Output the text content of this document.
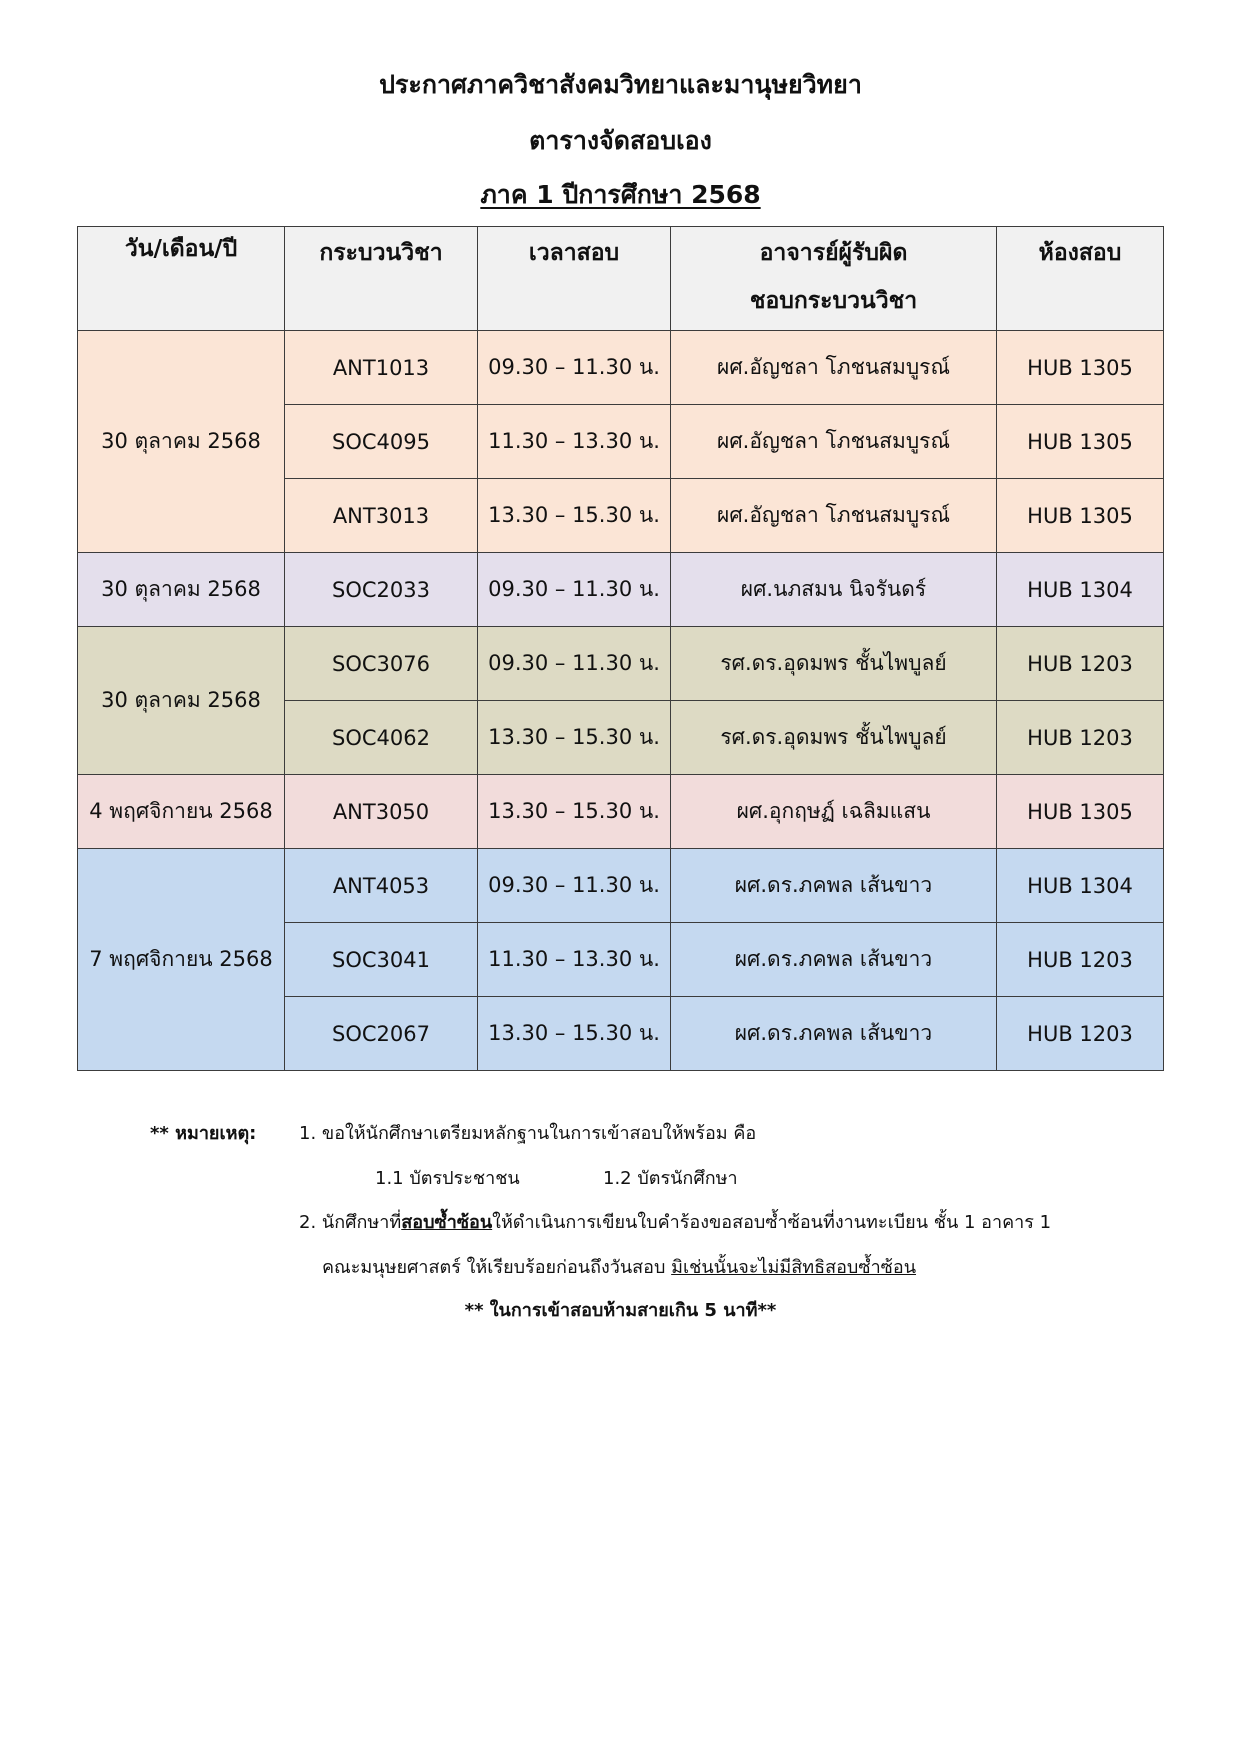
ประกาศภาควิชาสังคมวิทยาและมานุษยวิทยา
ตารางจัดสอบเอง
ภาค 1 ปีการศึกษา 2568
วัน/เดือน/ปี	กระบวนวิชา	เวลาสอบ	อาจารย์ผู้รับผิดชอบกระบวนวิชา	ห้องสอบ
30 ตุลาคม 2568	ANT1013	09.30 – 11.30 น.	ผศ.อัญชลา โภชนสมบูรณ์	HUB 1305
	SOC4095	11.30 – 13.30 น.	ผศ.อัญชลา โภชนสมบูรณ์	HUB 1305
	ANT3013	13.30 – 15.30 น.	ผศ.อัญชลา โภชนสมบูรณ์	HUB 1305
30 ตุลาคม 2568	SOC2033	09.30 – 11.30 น.	ผศ.นภสมน นิจรันดร์	HUB 1304
30 ตุลาคม 2568	SOC3076	09.30 – 11.30 น.	รศ.ดร.อุดมพร ชั้นไพบูลย์	HUB 1203
	SOC4062	13.30 – 15.30 น.	รศ.ดร.อุดมพร ชั้นไพบูลย์	HUB 1203
4 พฤศจิกายน 2568	ANT3050	13.30 – 15.30 น.	ผศ.อุกฤษฏ์ เฉลิมแสน	HUB 1305
7 พฤศจิกายน 2568	ANT4053	09.30 – 11.30 น.	ผศ.ดร.ภคพล เส้นขาว	HUB 1304
	SOC3041	11.30 – 13.30 น.	ผศ.ดร.ภคพล เส้นขาว	HUB 1203
	SOC2067	13.30 – 15.30 น.	ผศ.ดร.ภคพล เส้นขาว	HUB 1203
** หมายเหตุ: 1. ขอให้นักศึกษาเตรียมหลักฐานในการเข้าสอบให้พร้อม คือ
1.1 บัตรประชาชน	1.2 บัตรนักศึกษา
2. นักศึกษาที่สอบซ้ำซ้อนให้ดำเนินการเขียนใบคำร้องขอสอบซ้ำซ้อนที่งานทะเบียน ชั้น 1 อาคาร 1
คณะมนุษยศาสตร์ ให้เรียบร้อยก่อนถึงวันสอบ มิเช่นนั้นจะไม่มีสิทธิสอบซ้ำซ้อน
** ในการเข้าสอบห้ามสายเกิน 5 นาที**
